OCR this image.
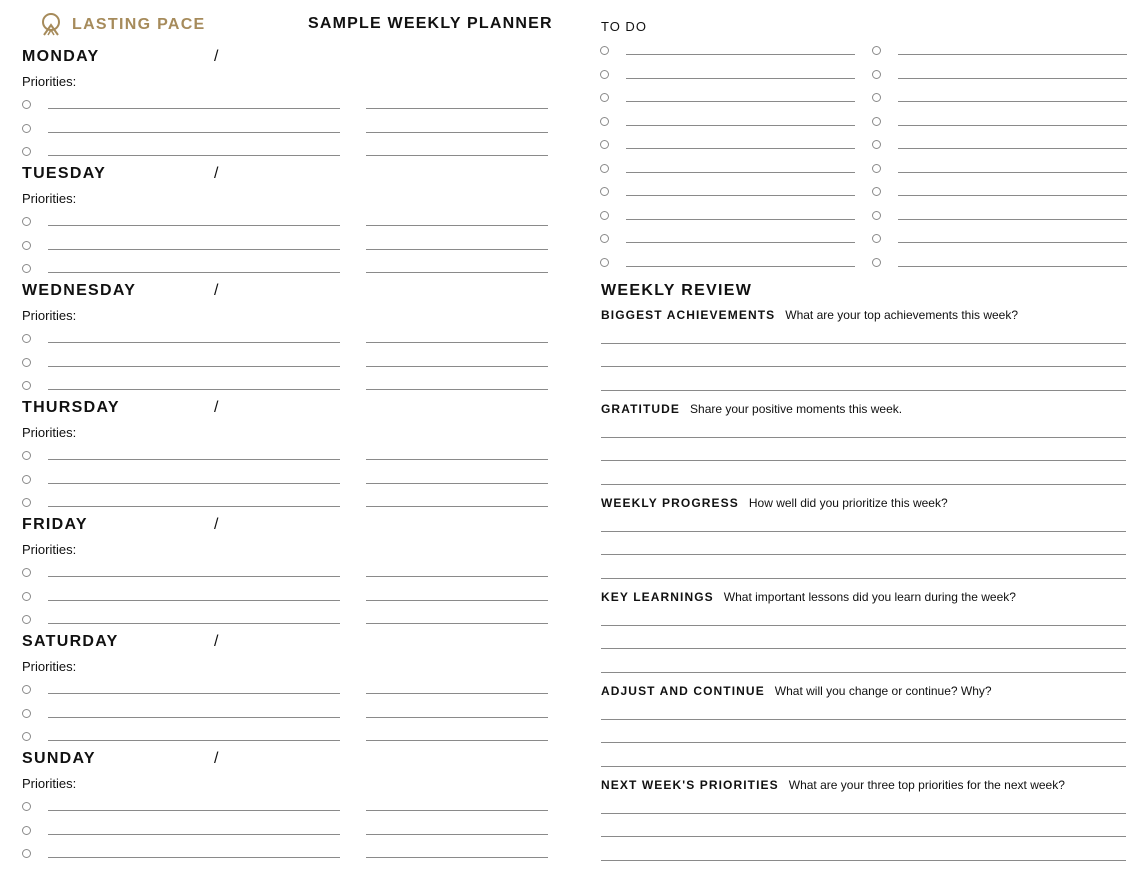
LASTING PACE	SAMPLE WEEKLY PLANNER
MONDAY	/
Priorities:
TUESDAY	/
Priorities:
WEDNESDAY	/
Priorities:
THURSDAY	/
Priorities:
FRIDAY	/
Priorities:
SATURDAY	/
Priorities:
SUNDAY	/
Priorities:
TO DO
WEEKLY REVIEW
BIGGEST ACHIEVEMENTS What are your top achievements this week?
GRATITUDE Share your positive moments this week.
WEEKLY PROGRESS How well did you prioritize this week?
KEY LEARNINGS What important lessons did you learn during the week?
ADJUST AND CONTINUE What will you change or continue? Why?
NEXT WEEK'S PRIORITIES What are your three top priorities for the next week?
